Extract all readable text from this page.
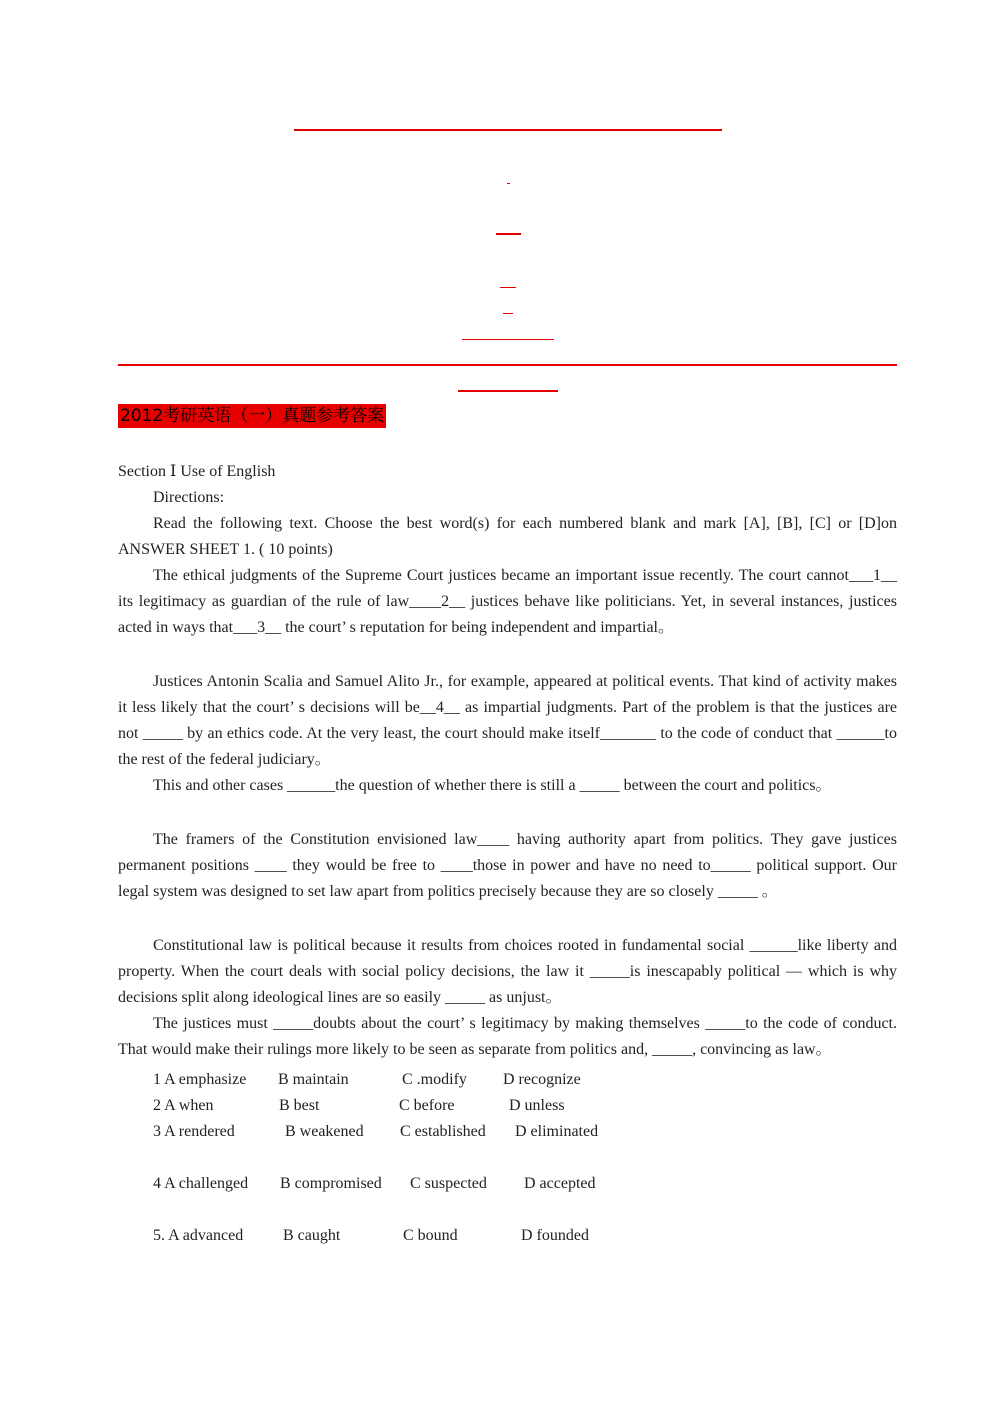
2012考研英语（一）真题参考答案

Section Ⅰ Use of English

Directions:

Read the following text. Choose the best word(s) for each numbered blank and mark [A], [B], [C] or [D]on ANSWER SHEET 1. ( 10 points)

The ethical judgments of the Supreme Court justices became an important issue recently. The court cannot___1__ its legitimacy as guardian of the rule of law____2__ justices behave like politicians. Yet, in several instances, justices acted in ways that___3__ the court’ s reputation for being independent and impartial。

Justices Antonin Scalia and Samuel Alito Jr., for example, appeared at political events. That kind of activity makes it less likely that the court’ s decisions will be__4__ as impartial judgments. Part of the problem is that the justices are not _____ by an ethics code. At the very least, the court should make itself_______ to the code of conduct that ______to the rest of the federal judiciary。

This and other cases ______the question of whether there is still a _____ between the court and politics。

The framers of the Constitution envisioned law____ having authority apart from politics. They gave justices permanent positions ____ they would be free to ____those in power and have no need to_____ political support. Our legal system was designed to set law apart from politics precisely because they are so closely _____ 。

Constitutional law is political because it results from choices rooted in fundamental social ______like liberty and property. When the court deals with social policy decisions, the law it _____is inescapably political — which is why decisions split along ideological lines are so easily _____ as unjust。

The justices must _____doubts about the court’ s legitimacy by making themselves _____to the code of conduct. That would make their rulings more likely to be seen as separate from politics and, _____, convincing as law。

1 A emphasize	B maintain	C .modify	D recognize
2 A when	B best	C before	D unless
3 A rendered	B weakened	C established	D eliminated
4 A challenged	B compromised	C suspected	D accepted
5. A advanced	B caught	C bound	D founded
